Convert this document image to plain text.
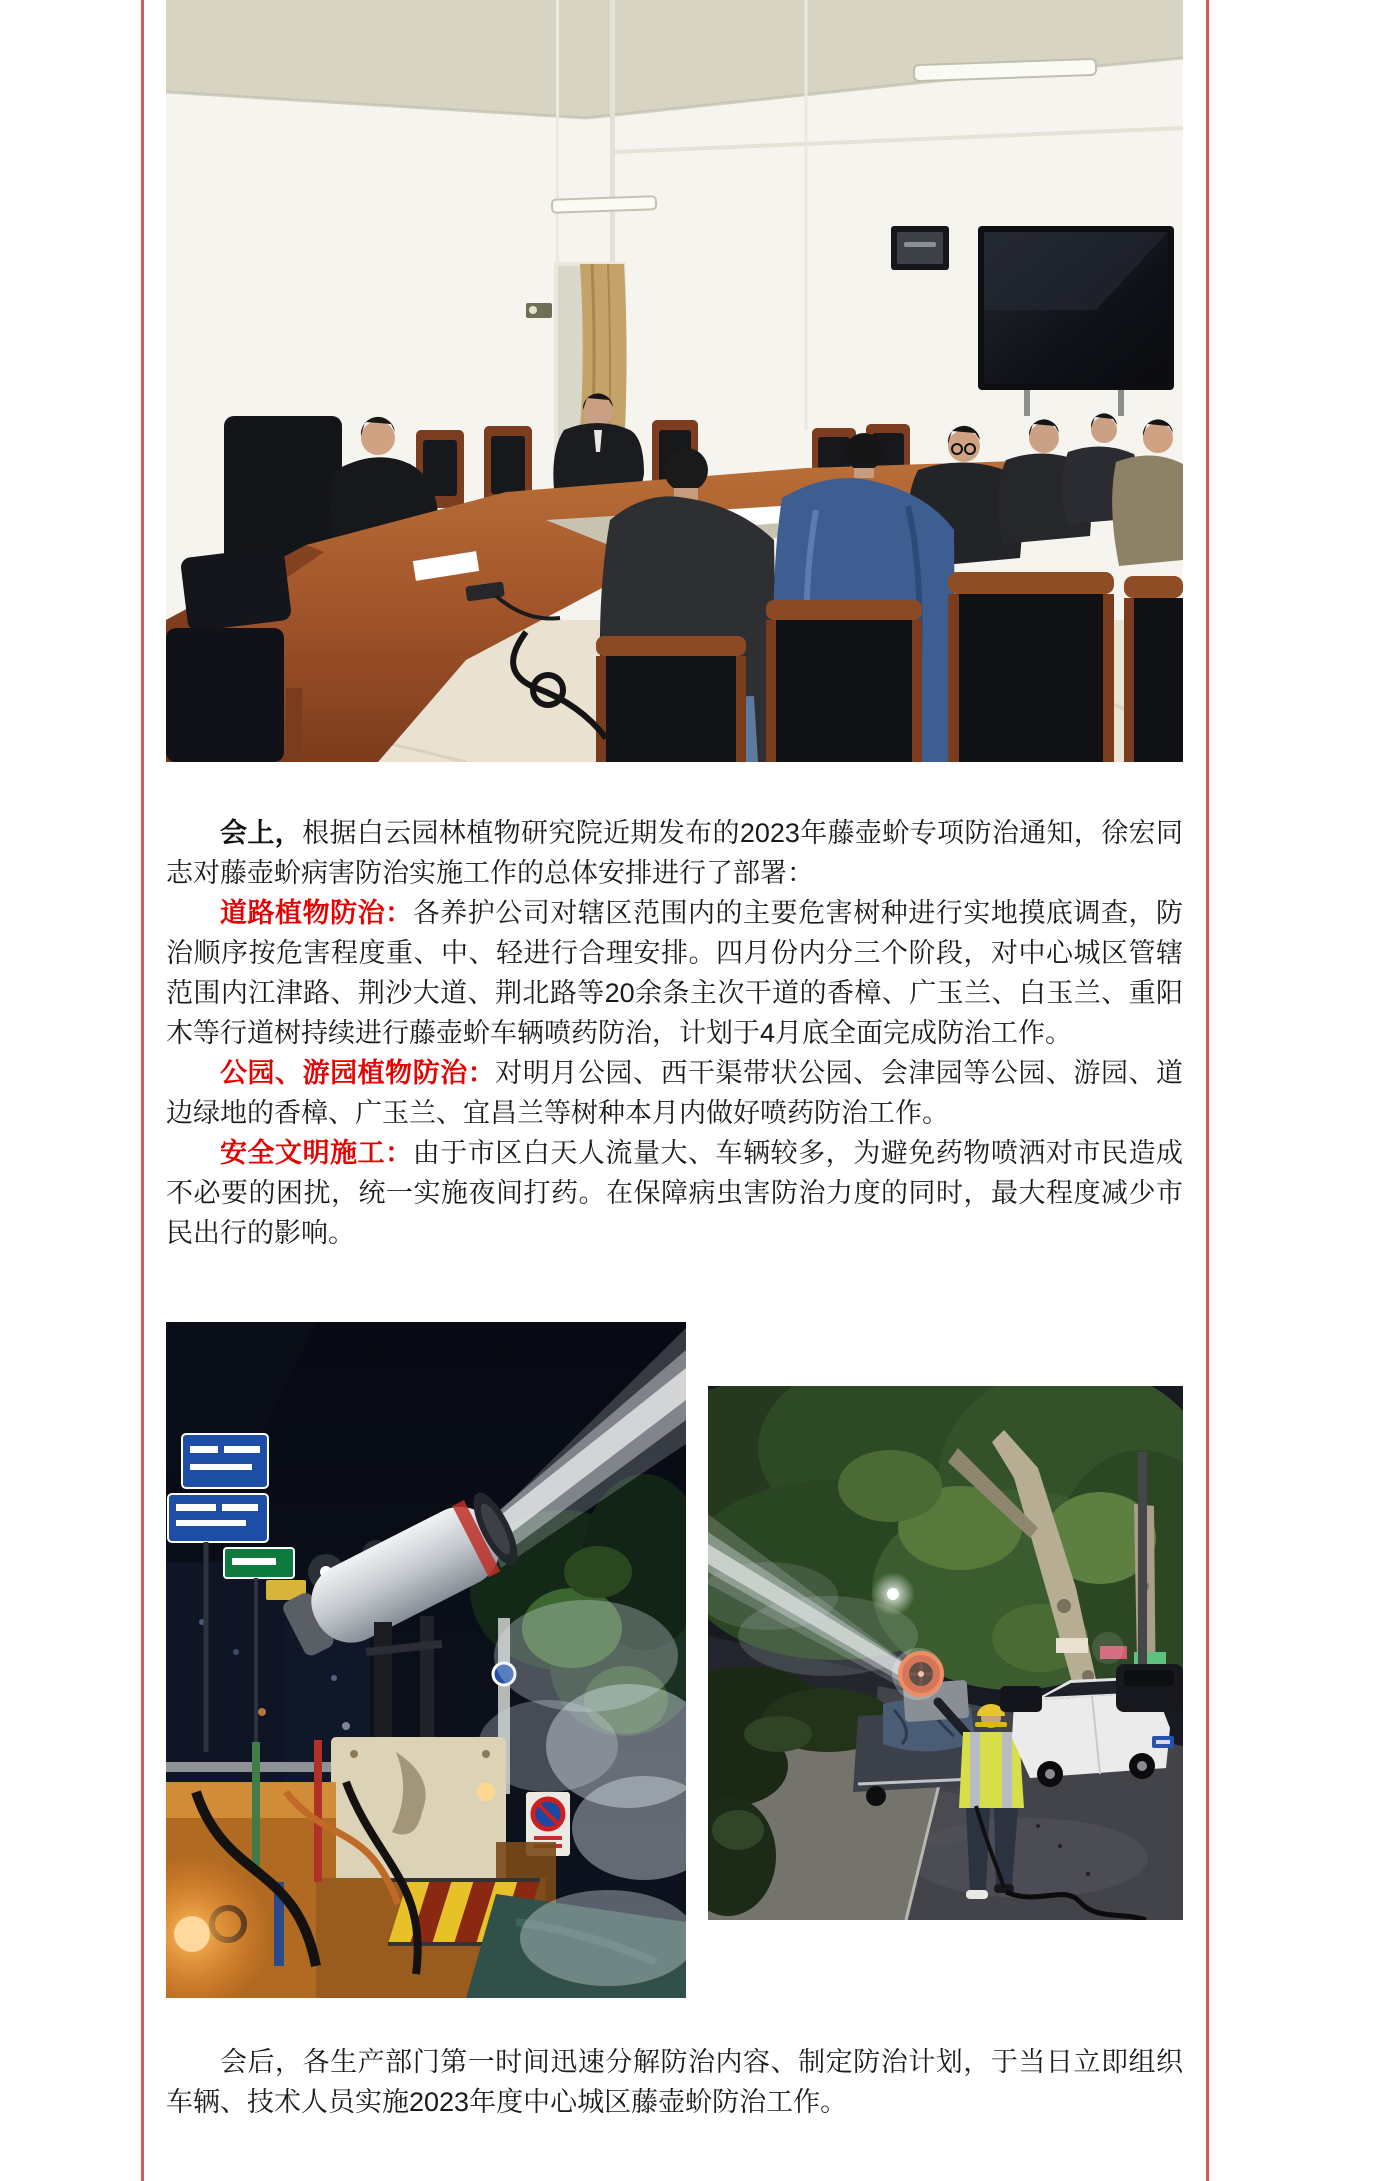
会上，根据白云园林植物研究院近期发布的2023年藤壶蚧专项防治通知，徐宏同志对藤壶蚧病害防治实施工作的总体安排进行了部署：

道路植物防治：各养护公司对辖区范围内的主要危害树种进行实地摸底调查，防治顺序按危害程度重、中、轻进行合理安排。四月份内分三个阶段，对中心城区管辖范围内江津路、荆沙大道、荆北路等20余条主次干道的香樟、广玉兰、白玉兰、重阳木等行道树持续进行藤壶蚧车辆喷药防治，计划于4月底全面完成防治工作。

公园、游园植物防治：对明月公园、西干渠带状公园、会津园等公园、游园、道边绿地的香樟、广玉兰、宜昌兰等树种本月内做好喷药防治工作。

安全文明施工：由于市区白天人流量大、车辆较多，为避免药物喷洒对市民造成不必要的困扰，统一实施夜间打药。在保障病虫害防治力度的同时，最大程度减少市民出行的影响。

会后，各生产部门第一时间迅速分解防治内容、制定防治计划，于当日立即组织车辆、技术人员实施2023年度中心城区藤壶蚧防治工作。
